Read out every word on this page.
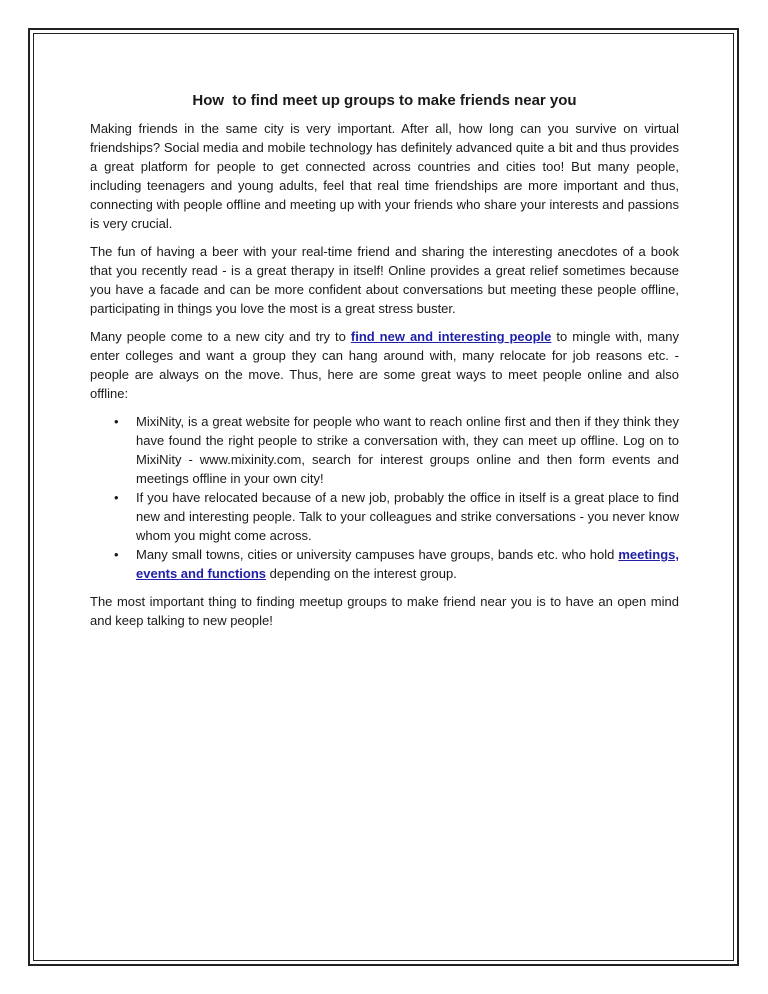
How  to find meet up groups to make friends near you

Making friends in the same city is very important. After all, how long can you survive on virtual friendships? Social media and mobile technology has definitely advanced quite a bit and thus provides a great platform for people to get connected across countries and cities too! But many people, including teenagers and young adults, feel that real time friendships are more important and thus, connecting with people offline and meeting up with your friends who share your interests and passions is very crucial.

The fun of having a beer with your real-time friend and sharing the interesting anecdotes of a book that you recently read - is a great therapy in itself! Online provides a great relief sometimes because you have a facade and can be more confident about conversations but meeting these people offline, participating in things you love the most is a great stress buster.

Many people come to a new city and try to find new and interesting people to mingle with, many enter colleges and want a group they can hang around with, many relocate for job reasons etc. - people are always on the move. Thus, here are some great ways to meet people online and also offline:

• MixiNity, is a great website for people who want to reach online first and then if they think they have found the right people to strike a conversation with, they can meet up offline. Log on to MixiNity - www.mixinity.com, search for interest groups online and then form events and meetings offline in your own city!
• If you have relocated because of a new job, probably the office in itself is a great place to find new and interesting people. Talk to your colleagues and strike conversations - you never know whom you might come across.
• Many small towns, cities or university campuses have groups, bands etc. who hold meetings, events and functions depending on the interest group.

The most important thing to finding meetup groups to make friend near you is to have an open mind and keep talking to new people!
